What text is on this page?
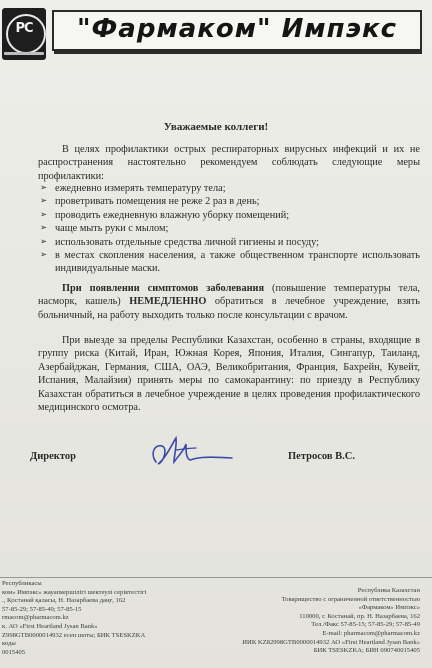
РС	"Фармаком" Импэкс
Уважаемые коллеги!
В целях профилактики острых респираторных вирусных инфекций и их не распространения настоятельно рекомендуем соблюдать следующие меры профилактики:
➢ ежедневно измерять температуру тела;
➢ проветривать помещения не реже 2 раз в день;
➢ проводить ежедневную влажную уборку помещений;
➢ чаще мыть руки с мылом;
➢ использовать отдельные средства личной гигиены и посуду;
➢ в местах скопления населения, а также общественном транспорте использовать индивидуальные маски.
При появлении симптомов заболевания (повышение температуры тела, насморк, кашель) НЕМЕДЛЕННО обратиться в лечебное учреждение, взять больничный, на работу выходить только после консультации с врачом.
При выезде за пределы Республики Казахстан, особенно в страны, входящие в группу риска (Китай, Иран, Южная Корея, Япония, Италия, Сингапур, Таиланд, Азербайджан, Германия, США, ОАЭ, Великобритания, Франция, Бахрейн, Кувейт, Испания, Малайзия) принять меры по самокарантину: по приезду в Республику Казахстан обратиться в лечебное учреждение в целях проведения профилактического медицинского осмотра.
Директор	Петросов В.С.
Республикасы
ком» Импэкс» жауапкершілігі шектеулі серіктестігі
., Қостанай қаласы, Н. Назарбаева даңғ, 162
57-85-29; 57-85-49; 57-85-15
rmacom@pharmacom.kz
к. АО «First Heartland Jysan Bank»
Z998GTB0000014932 есеп шоты; БИК TSESKZKA
коды
0015405
Республика Казахстан
Товарищество с ограниченной ответственностью
«Фармаком» Импэкс»
110000, г. Костанай, пр. Н. Назарбаева, 162
Тел./Факс 57-85-15; 57-85-29; 57-85-49
E-mail: pharmacom@pharmacom.kz
ИИК KZ82998GTB0000014932 АО «First Heartland Jysan Bank»
БИК TSESKZKA; БИН 090740015405
